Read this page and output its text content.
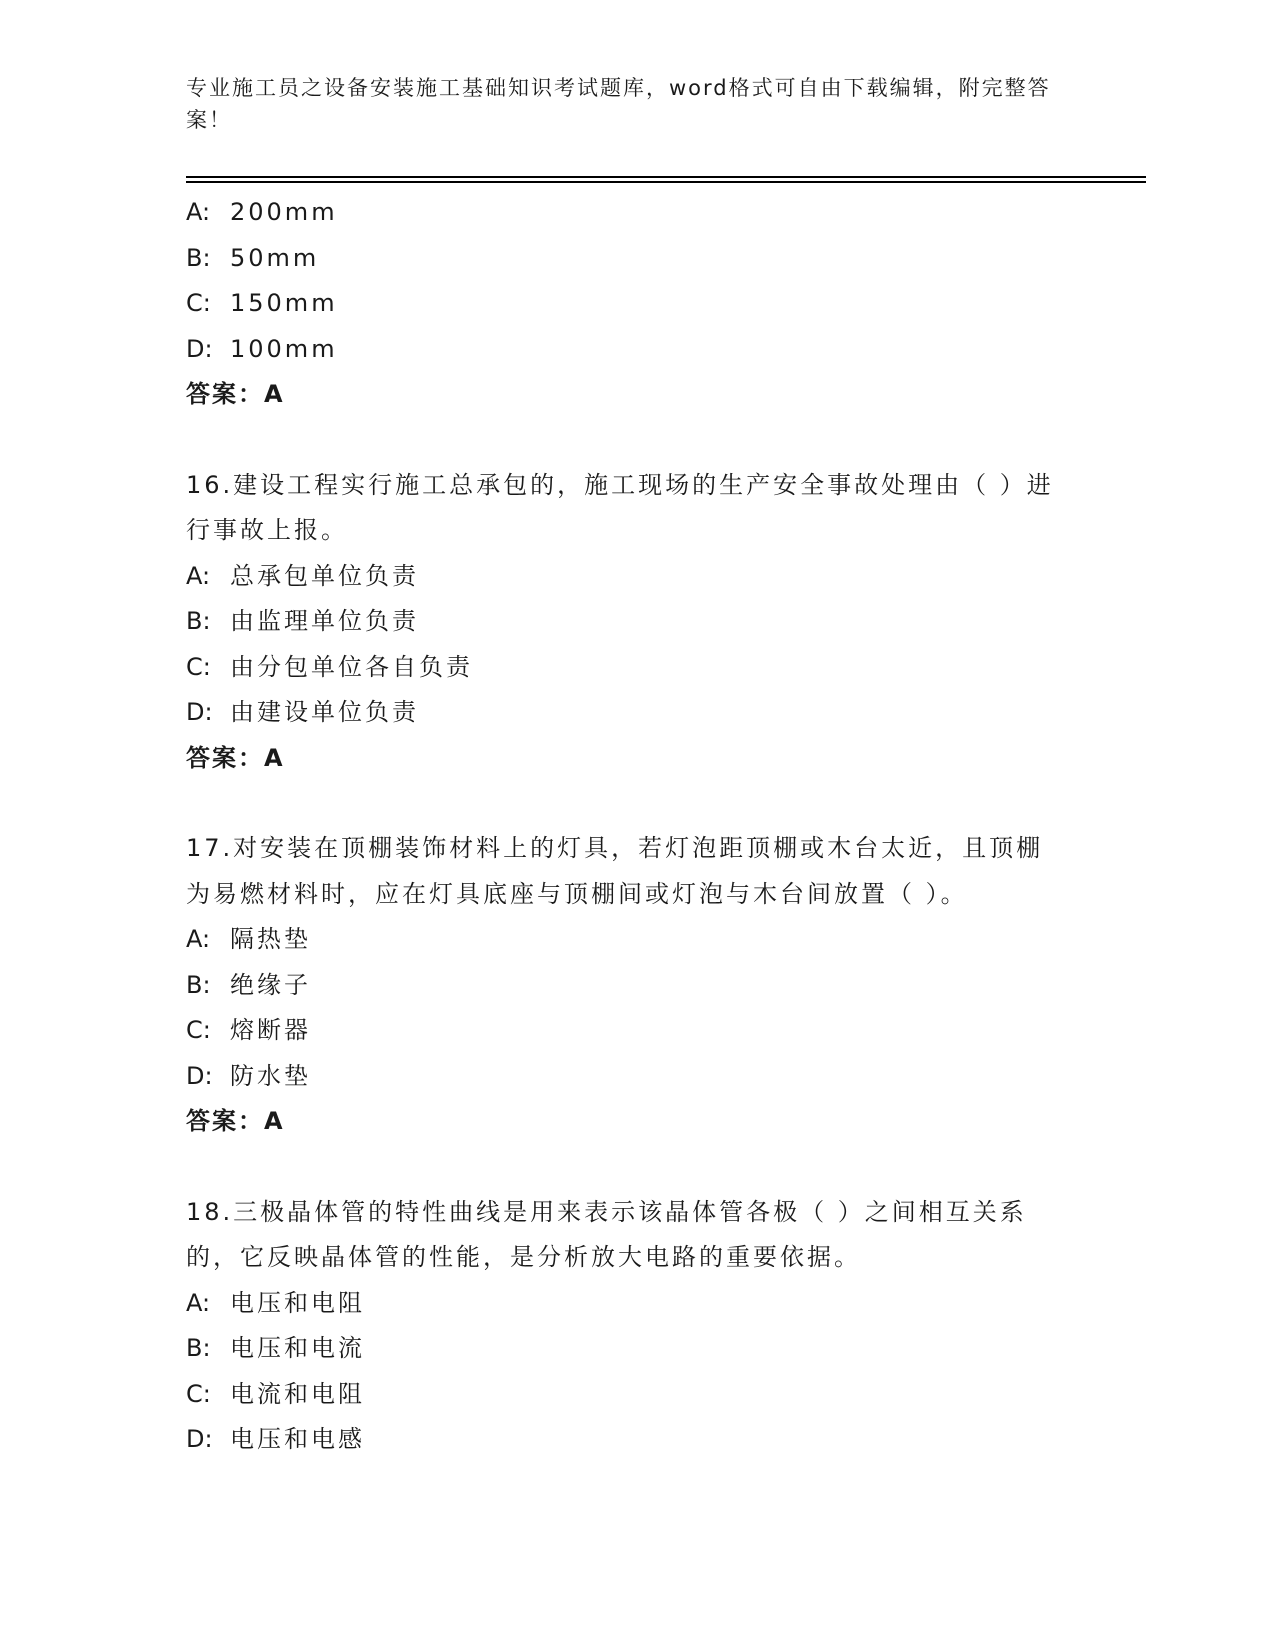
专业施工员之设备安装施工基础知识考试题库，word格式可自由下载编辑，附完整答案！
A: 200mm
B: 50mm
C: 150mm
D: 100mm
答案：A
16.建设工程实行施工总承包的，施工现场的生产安全事故处理由（ ）进行事故上报。
A: 总承包单位负责
B: 由监理单位负责
C: 由分包单位各自负责
D: 由建设单位负责
答案：A
17.对安装在顶棚装饰材料上的灯具，若灯泡距顶棚或木台太近，且顶棚为易燃材料时，应在灯具底座与顶棚间或灯泡与木台间放置（ ）。
A: 隔热垫
B: 绝缘子
C: 熔断器
D: 防水垫
答案：A
18.三极晶体管的特性曲线是用来表示该晶体管各极（ ）之间相互关系的，它反映晶体管的性能，是分析放大电路的重要依据。
A: 电压和电阻
B: 电压和电流
C: 电流和电阻
D: 电压和电感
